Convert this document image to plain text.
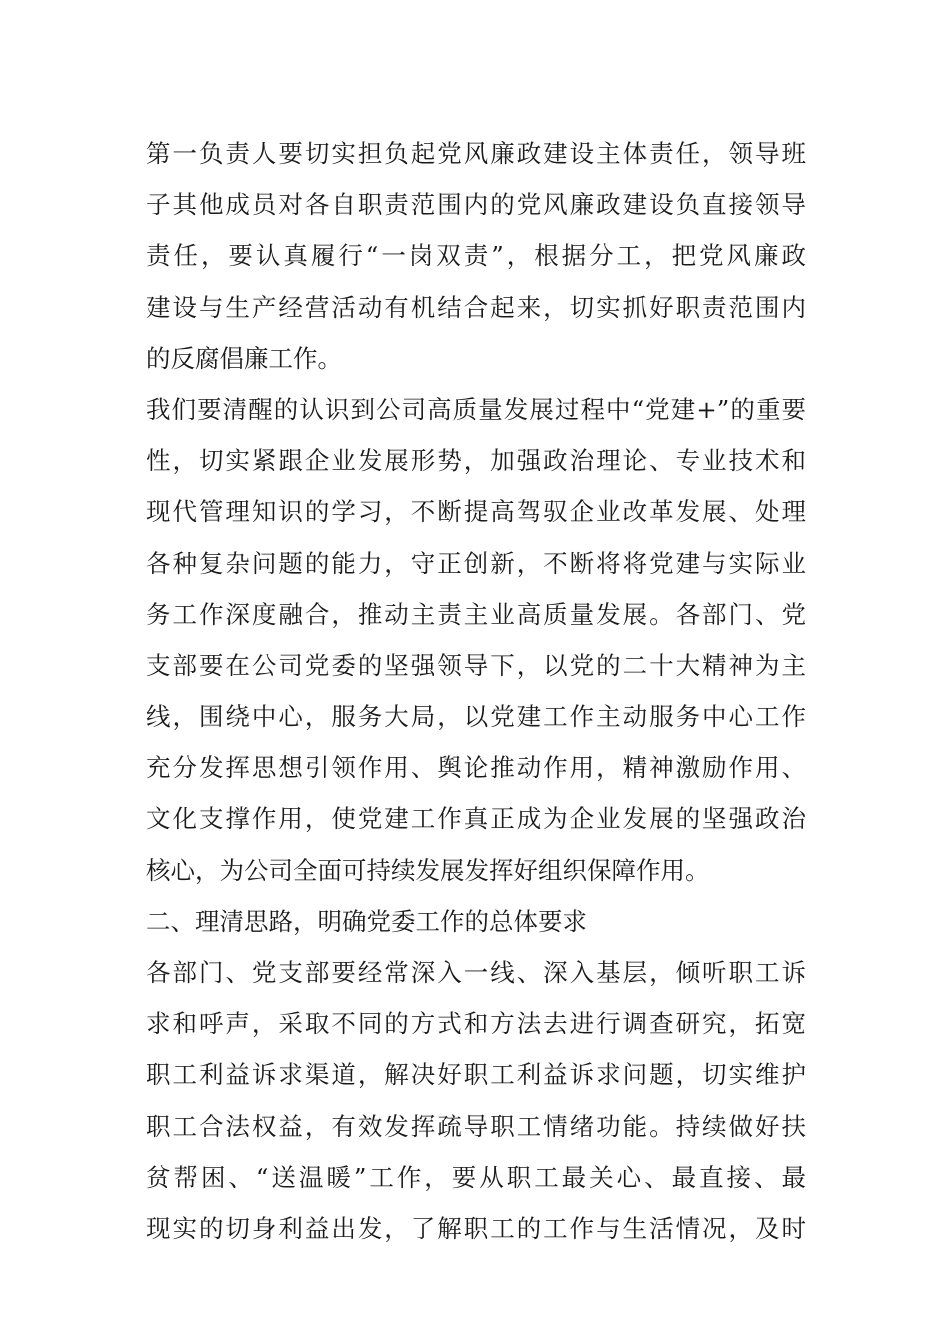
第一负责人要切实担负起党风廉政建设主体责任，领导班
子其他成员对各自职责范围内的党风廉政建设负直接领导
责任，要认真履行“一岗双责”，根据分工，把党风廉政
建设与生产经营活动有机结合起来，切实抓好职责范围内
的反腐倡廉工作。
我们要清醒的认识到公司高质量发展过程中“党建+”的重要
性，切实紧跟企业发展形势，加强政治理论、专业技术和
现代管理知识的学习，不断提高驾驭企业改革发展、处理
各种复杂问题的能力，守正创新，不断将将党建与实际业
务工作深度融合，推动主责主业高质量发展。各部门、党
支部要在公司党委的坚强领导下，以党的二十大精神为主
线，围绕中心，服务大局，以党建工作主动服务中心工作
充分发挥思想引领作用、舆论推动作用，精神激励作用、
文化支撑作用，使党建工作真正成为企业发展的坚强政治
核心，为公司全面可持续发展发挥好组织保障作用。
二、理清思路，明确党委工作的总体要求
各部门、党支部要经常深入一线、深入基层，倾听职工诉
求和呼声，采取不同的方式和方法去进行调查研究，拓宽
职工利益诉求渠道，解决好职工利益诉求问题，切实维护
职工合法权益，有效发挥疏导职工情绪功能。持续做好扶
贫帮困、“送温暖”工作，要从职工最关心、最直接、最
现实的切身利益出发，了解职工的工作与生活情况，及时
